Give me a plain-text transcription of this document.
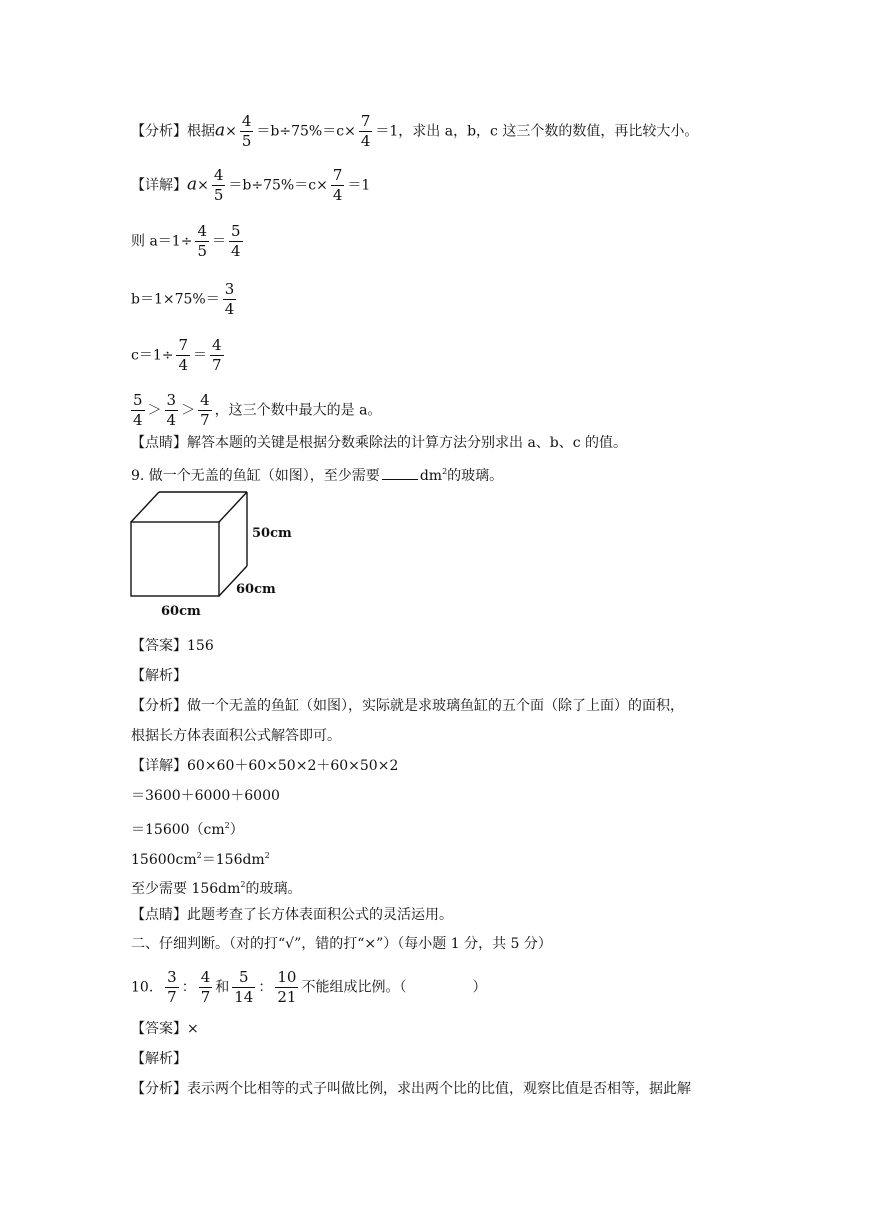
【分析】根据$a\times \frac{4}{5} =b\div 75\%=c\times \frac{7}{4} =1$，求出 a，b，c 这三个数的数值，再比较大小。
【详解】$a\times \frac{4}{5} =b\div 75\%=c\times \frac{7}{4} =1$
则 $a=1\div \frac{4}{5} = \frac{5}{4}$
$b=1\times 75\%= \frac{3}{4}$
$c=1\div \frac{7}{4} = \frac{4}{7}$
$\frac{5}{4} > \frac{3}{4} > \frac{4}{7}$ ，这三个数中最大的是 a。
【点睛】解答本题的关键是根据分数乘除法的计算方法分别求出 a、b、c 的值。
9. 做一个无盖的鱼缸（如图），至少需要	$dm^2$的玻璃。
50cm
60cm
60cm
【答案】156
【解析】
【分析】做一个无盖的鱼缸（如图），实际就是求玻璃鱼缸的五个面（除了上面）的面积，
根据长方体表面积公式解答即可。
【详解】60×60＋60×50×2＋60×50×2
＝3600＋6000＋6000
$=15600(cm^2)$
$15600cm^2=156dm^2$
至少需要 $156dm^2$的玻璃。
【点睛】此题考查了长方体表面积公式的灵活运用。
二、仔细判断。（对的打“√”，错的打“×”）（每小题 1 分，共 5 分）
10. $\frac{3}{7}$ ： $\frac{4}{7}$ 和 $\frac{5}{14}$ ： $\frac{10}{21}$ 不能组成比例。（	）
【答案】×
【解析】
【分析】表示两个比相等的式子叫做比例，求出两个比的比值，观察比值是否相等，据此解
